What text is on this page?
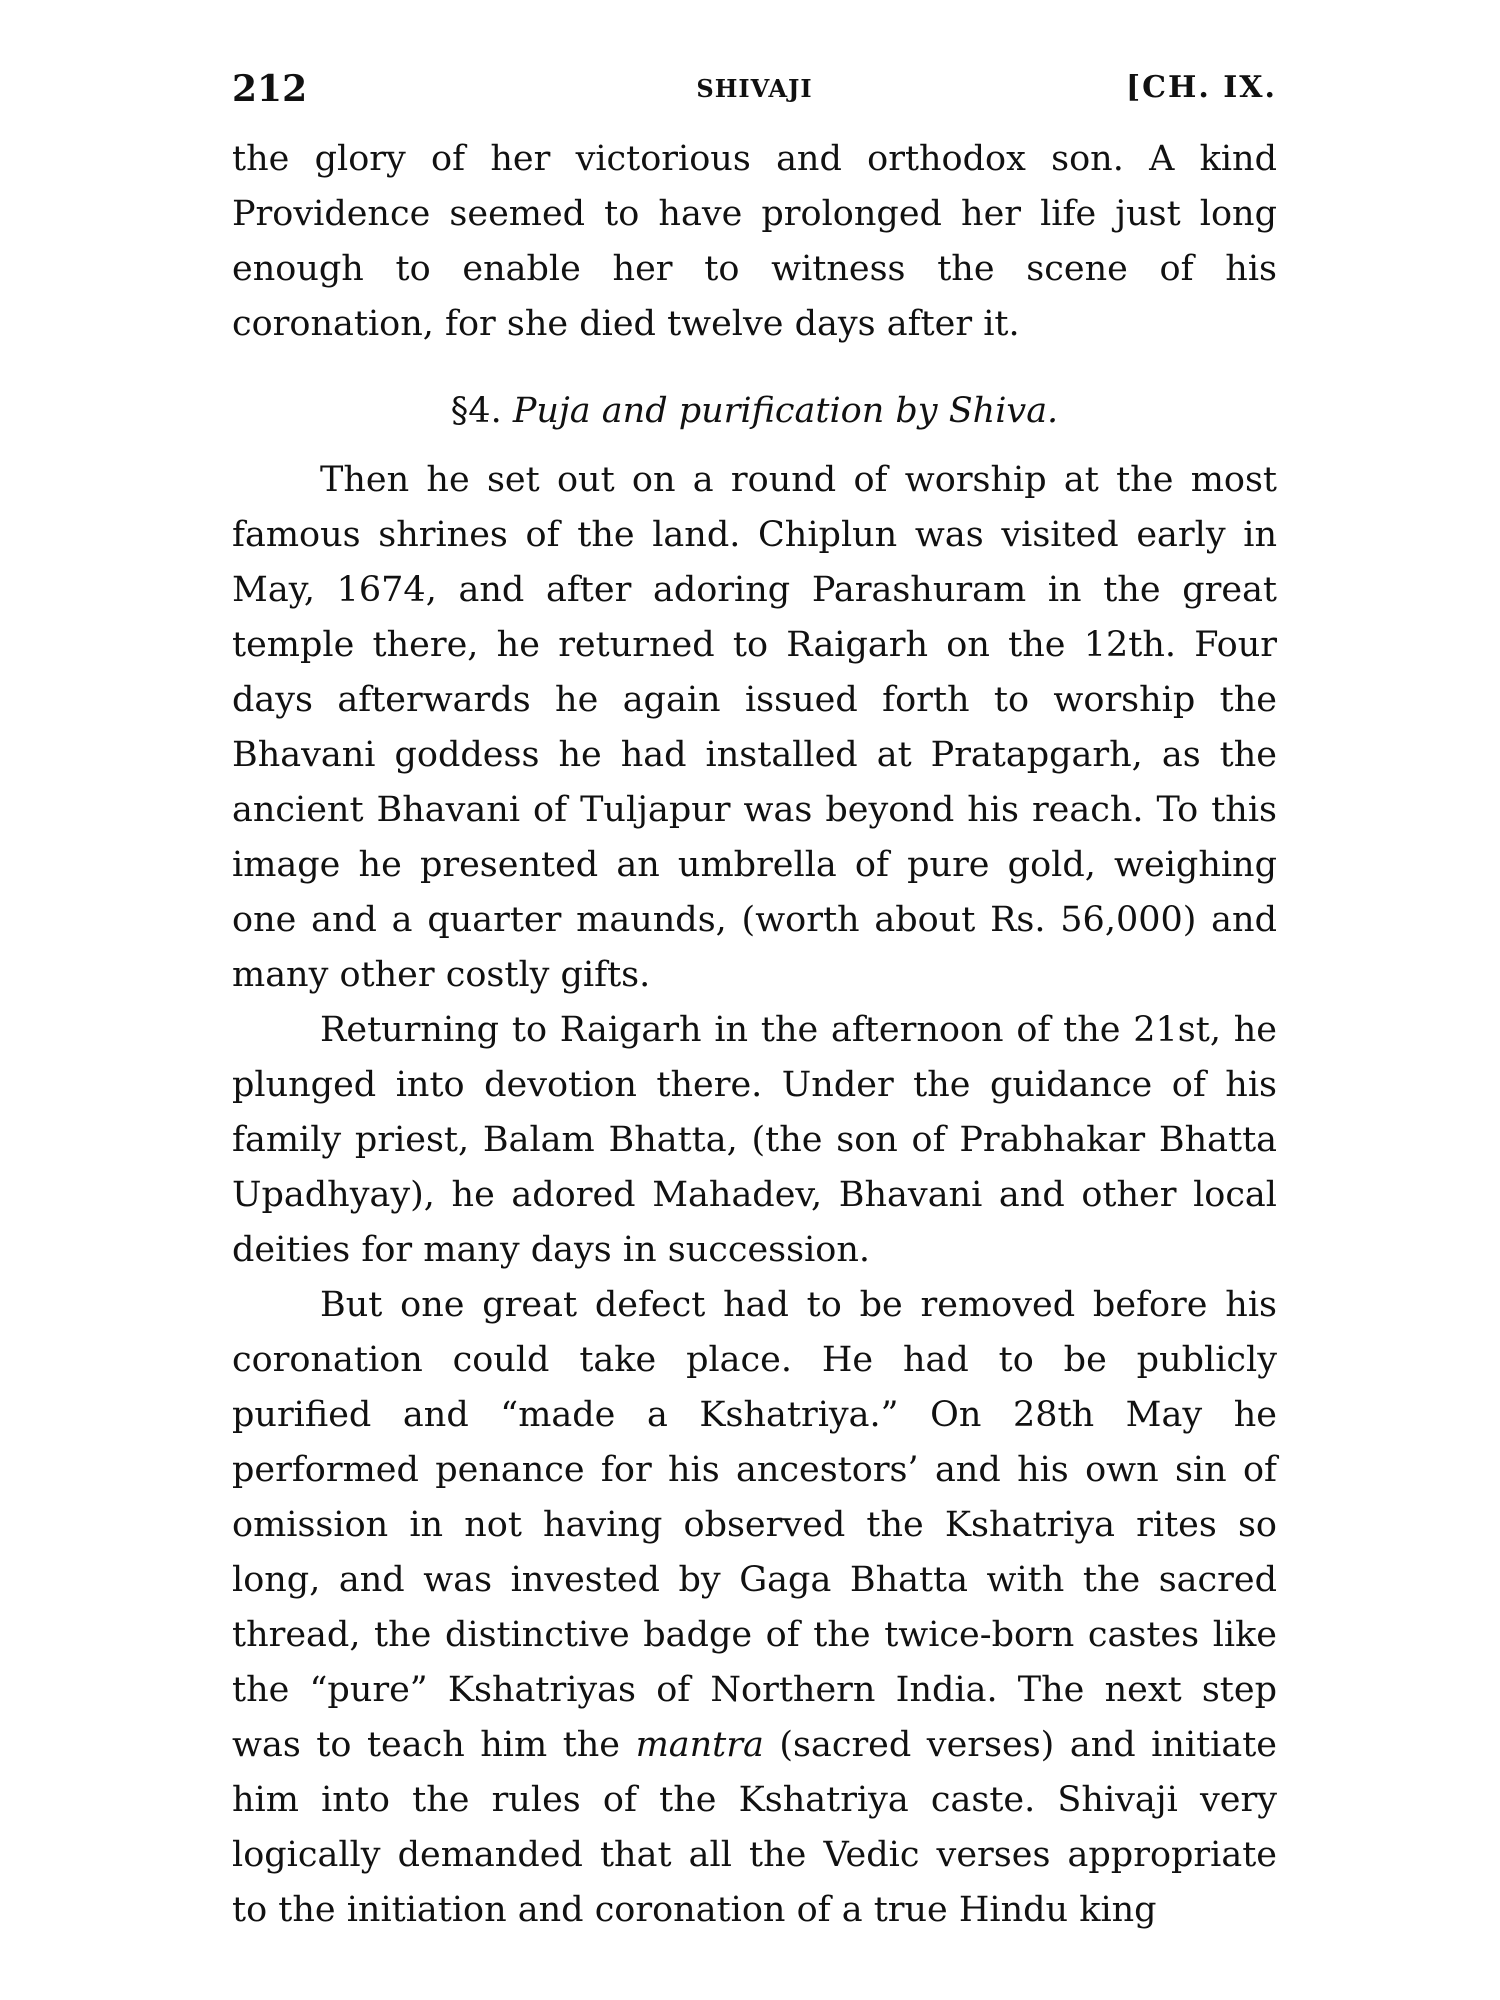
212	SHIVAJI	[CH. IX.

the glory of her victorious and orthodox son. A kind Providence seemed to have prolonged her life just long enough to enable her to witness the scene of his coronation, for she died twelve days after it.

§4. Puja and purification by Shiva.

Then he set out on a round of worship at the most famous shrines of the land. Chiplun was visited early in May, 1674, and after adoring Parashuram in the great temple there, he returned to Raigarh on the 12th. Four days afterwards he again issued forth to worship the Bhavani goddess he had installed at Pratapgarh, as the ancient Bhavani of Tuljapur was beyond his reach. To this image he presented an umbrella of pure gold, weighing one and a quarter maunds, (worth about Rs. 56,000) and many other costly gifts.

Returning to Raigarh in the afternoon of the 21st, he plunged into devotion there. Under the guidance of his family priest, Balam Bhatta, (the son of Prabhakar Bhatta Upadhyay), he adored Mahadev, Bhavani and other local deities for many days in succession.

But one great defect had to be removed before his coronation could take place. He had to be publicly purified and “made a Kshatriya.” On 28th May he performed penance for his ancestors’ and his own sin of omission in not having observed the Kshatriya rites so long, and was invested by Gaga Bhatta with the sacred thread, the distinctive badge of the twice-born castes like the “pure” Kshatriyas of Northern India. The next step was to teach him the mantra (sacred verses) and initiate him into the rules of the Kshatriya caste. Shivaji very logically demanded that all the Vedic verses appropriate to the initiation and coronation of a true Hindu king
